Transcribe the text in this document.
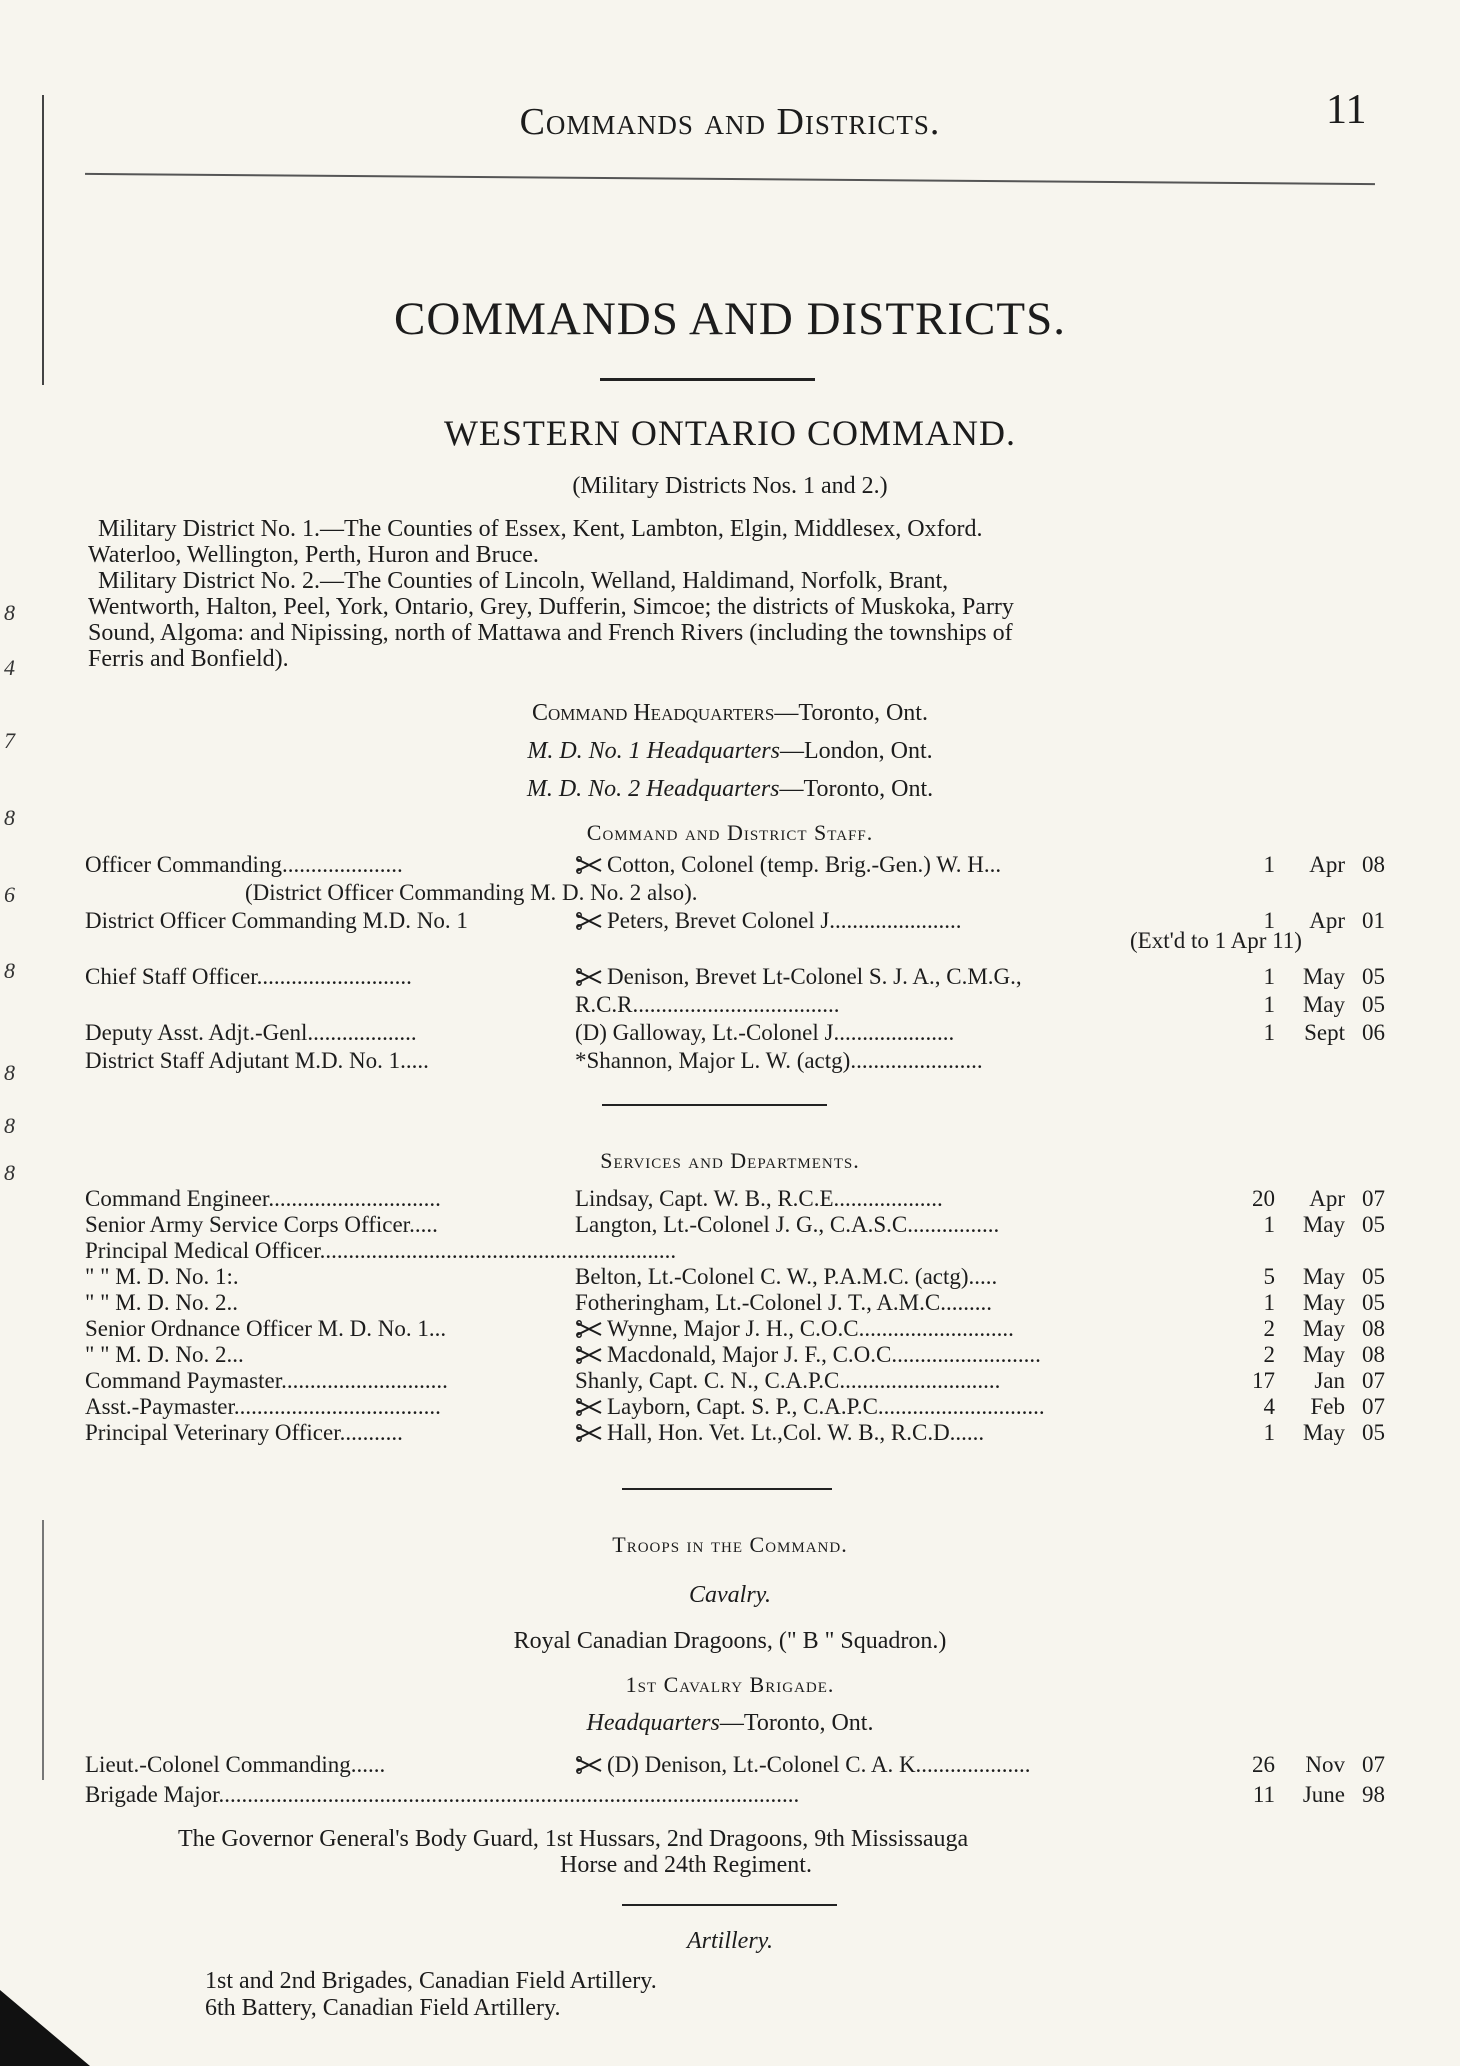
8
4
7
8
6
8
8
8
8
Commands and Districts.	11
COMMANDS AND DISTRICTS.
WESTERN ONTARIO COMMAND.
(Military Districts Nos. 1 and 2.)
Military District No. 1.—The Counties of Essex, Kent, Lambton, Elgin, Middlesex, Oxford.
Waterloo, Wellington, Perth, Huron and Bruce.
Military District No. 2.—The Counties of Lincoln, Welland, Haldimand, Norfolk, Brant,
Wentworth, Halton, Peel, York, Ontario, Grey, Dufferin, Simcoe; the districts of Muskoka, Parry
Sound, Algoma: and Nipissing, north of Mattawa and French Rivers (including the townships of
Ferris and Bonfield).
Command Headquarters—Toronto, Ont.
M. D. No. 1 Headquarters—London, Ont.
M. D. No. 2 Headquarters—Toronto, Ont.
Command and District Staff.
Officer Commanding.....................	Cotton, Colonel (temp. Brig.-Gen.) W. H...	1	Apr 08
(District Officer Commanding M. D. No. 2 also).
District Officer Commanding M.D. No. 1	Peters, Brevet Colonel J.......................	1	Apr 01
Chief Staff Officer...........................	Denison, Brevet Lt-Colonel S. J. A., C.M.G.,	1	May 05
R.C.R....................................	1	May 05
Deputy Asst. Adjt.-Genl...................	(D) Galloway, Lt.-Colonel J.....................	1	Sept 06
District Staff Adjutant M.D. No. 1.....	*Shannon, Major L. W. (actg).......................
(Ext'd to 1 Apr 11)
Services and Departments.
Command Engineer..............................	Lindsay, Capt. W. B., R.C.E...................	20	Apr 07
Senior Army Service Corps Officer.....	Langton, Lt.-Colonel J. G., C.A.S.C................	1	May 05
Principal Medical Officer..............................................................
" " M. D. No. 1:.	Belton, Lt.-Colonel C. W., P.A.M.C. (actg).....	5	May 05
" " M. D. No. 2..	Fotheringham, Lt.-Colonel J. T., A.M.C.........	1	May 05
Senior Ordnance Officer M. D. No. 1...	Wynne, Major J. H., C.O.C...........................	2	May 08
" " M. D. No. 2...	Macdonald, Major J. F., C.O.C..........................	2	May 08
Command Paymaster.............................	Shanly, Capt. C. N., C.A.P.C............................	17	Jan 07
Asst.-Paymaster....................................	Layborn, Capt. S. P., C.A.P.C.............................	4	Feb 07
Principal Veterinary Officer...........	Hall, Hon. Vet. Lt.,Col. W. B., R.C.D......	1	May 05
Troops in the Command.
Cavalry.
Royal Canadian Dragoons, (" B " Squadron.)
1st Cavalry Brigade.
Headquarters—Toronto, Ont.
Lieut.-Colonel Commanding......	(D) Denison, Lt.-Colonel C. A. K....................	26	Nov 07
Brigade Major.....................................................................................................	11	June 98
The Governor General's Body Guard, 1st Hussars, 2nd Dragoons, 9th Mississauga
Horse and 24th Regiment.
Artillery.
1st and 2nd Brigades, Canadian Field Artillery.
6th Battery, Canadian Field Artillery.
